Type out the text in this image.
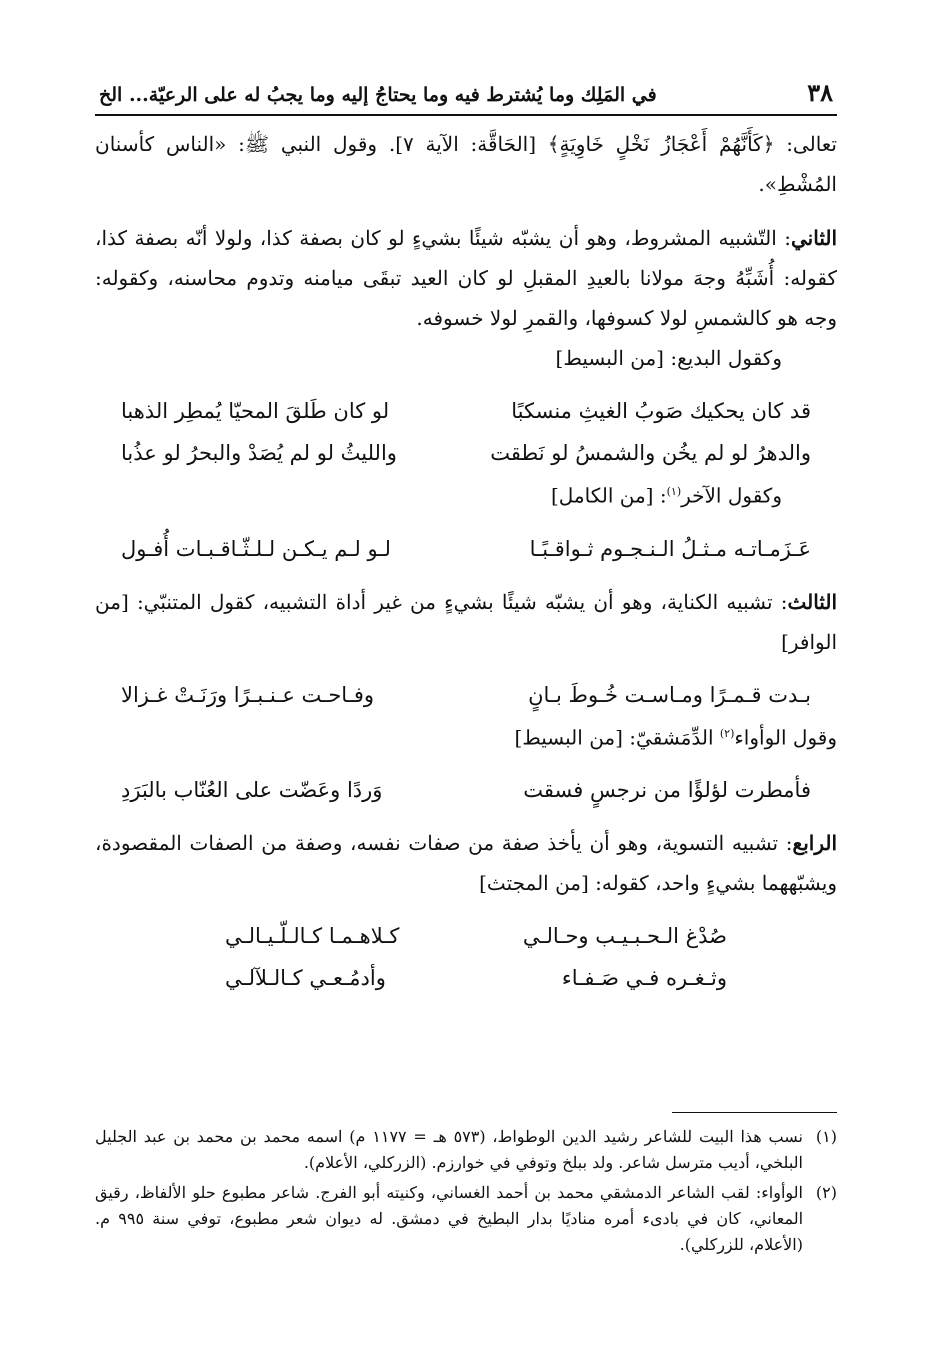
٣٨
في المَلِك وما يُشترط فيه وما يحتاجُ إليه وما يجبُ له على الرعيّة... الخ

تعالى: ﴿كَأَنَّهُمْ أَعْجَازُ نَخْلٍ خَاوِيَةٍ﴾ [الحَاقَّة: الآية ٧]. وقول النبي ﷺ: «الناس كأسنان المُشْطِ».

الثاني: التّشبيه المشروط، وهو أن يشبّه شيئًا بشيءٍ لو كان بصفة كذا، ولولا أنّه بصفة كذا، كقوله: أُشَبِّهُ وجهَ مولانا بالعيدِ المقبلِ لو كان العيد تبقَى ميامنه وتدوم محاسنه، وكقوله: وجه هو كالشمسِ لولا كسوفها، والقمرِ لولا خسوفه.

وكقول البديع: [من البسيط]

قد كان يحكيك صَوبُ الغيثِ منسكبًا
لو كان طَلقَ المحيّا يُمطِر الذهبا
والدهرُ لو لم يخُن والشمسُ لو نَطقت
والليثُ لو لم يُصَدْ والبحرُ لو عذُبا

وكقول الآخر$^{(١)}$: [من الكامل]

عَـزَمـاتـه مـثـلُ الـنـجـوم ثـواقـبًـا
لـو لـم يـكـن لـلـثّـاقـبـات أُفـول

الثالث: تشبيه الكناية، وهو أن يشبّه شيئًا بشيءٍ من غير أداة التشبيه، كقول المتنبّي: [من الوافر]

بـدت قـمـرًا ومـاسـت خُـوطَ بـانٍ
وفـاحـت عـنـبـرًا ورَنَـتْ غـزالا

وقول الوأواء$^{(٢)}$ الدِّمَشقيّ: [من البسيط]

فأمطرت لؤلؤًا من نرجسٍ فسقت
وَردًا وعَضّت على العُنّاب بالبَرَدِ

الرابع: تشبيه التسوية، وهو أن يأخذ صفة من صفات نفسه، وصفة من الصفات المقصودة، ويشبّههما بشيءٍ واحد، كقوله: [من المجتث]

صُدْغ الـحـبـيـب وحـالـي
كـلاهـمـا كـالـلّـيـالـي
وثـغـره فـي صَـفـاء
وأدمُـعـي كـالـلآلـي
(١)
نسب هذا البيت للشاعر رشيد الدين الوطواط، (٥٧٣ هـ = ١١٧٧ م) اسمه محمد بن محمد بن عبد الجليل البلخي، أديب مترسل شاعر. ولد ببلخ وتوفي في خوارزم. (الزركلي، الأعلام).
(٢)
الوأواء: لقب الشاعر الدمشقي محمد بن أحمد الغساني، وكنيته أبو الفرج. شاعر مطبوع حلو الألفاظ، رقيق المعاني، كان في بادىء أمره مناديًا بدار البطيخ في دمشق. له ديوان شعر مطبوع، توفي سنة ٩٩٥ م. (الأعلام، للزركلي).
